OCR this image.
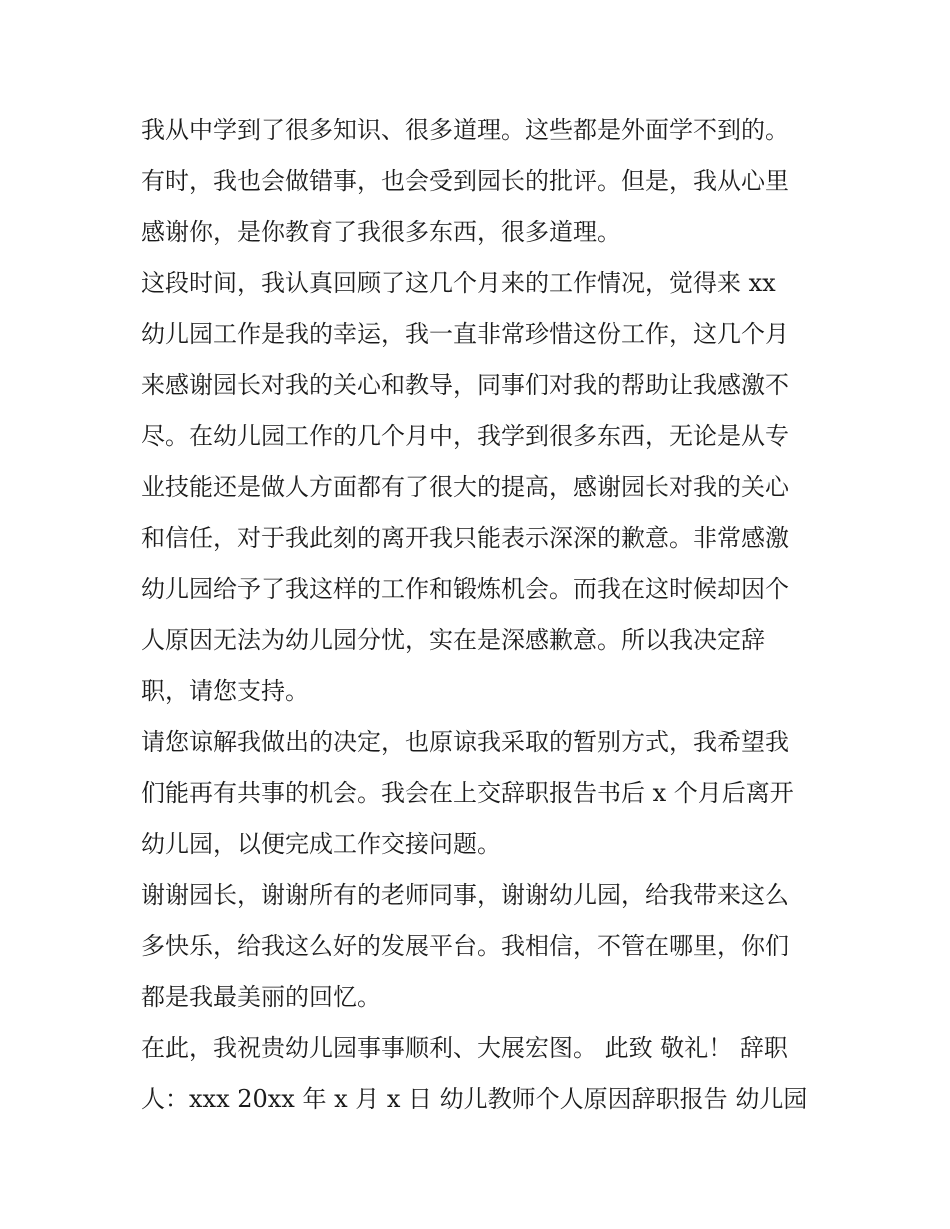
我从中学到了很多知识、很多道理。这些都是外面学不到的。
有时，我也会做错事，也会受到园长的批评。但是，我从心里
感谢你，是你教育了我很多东西，很多道理。
这段时间，我认真回顾了这几个月来的工作情况，觉得来 xx
幼儿园工作是我的幸运，我一直非常珍惜这份工作，这几个月
来感谢园长对我的关心和教导，同事们对我的帮助让我感激不
尽。在幼儿园工作的几个月中，我学到很多东西，无论是从专
业技能还是做人方面都有了很大的提高，感谢园长对我的关心
和信任，对于我此刻的离开我只能表示深深的歉意。非常感激
幼儿园给予了我这样的工作和锻炼机会。而我在这时候却因个
人原因无法为幼儿园分忧，实在是深感歉意。所以我决定辞
职，请您支持。
请您谅解我做出的决定，也原谅我采取的暂别方式，我希望我
们能再有共事的机会。我会在上交辞职报告书后 x 个月后离开
幼儿园，以便完成工作交接问题。
谢谢园长，谢谢所有的老师同事，谢谢幼儿园，给我带来这么
多快乐，给我这么好的发展平台。我相信，不管在哪里，你们
都是我最美丽的回忆。
在此，我祝贵幼儿园事事顺利、大展宏图。 此致 敬礼！ 辞职
人：xxx 20xx 年 x 月 x 日 幼儿教师个人原因辞职报告 幼儿园
